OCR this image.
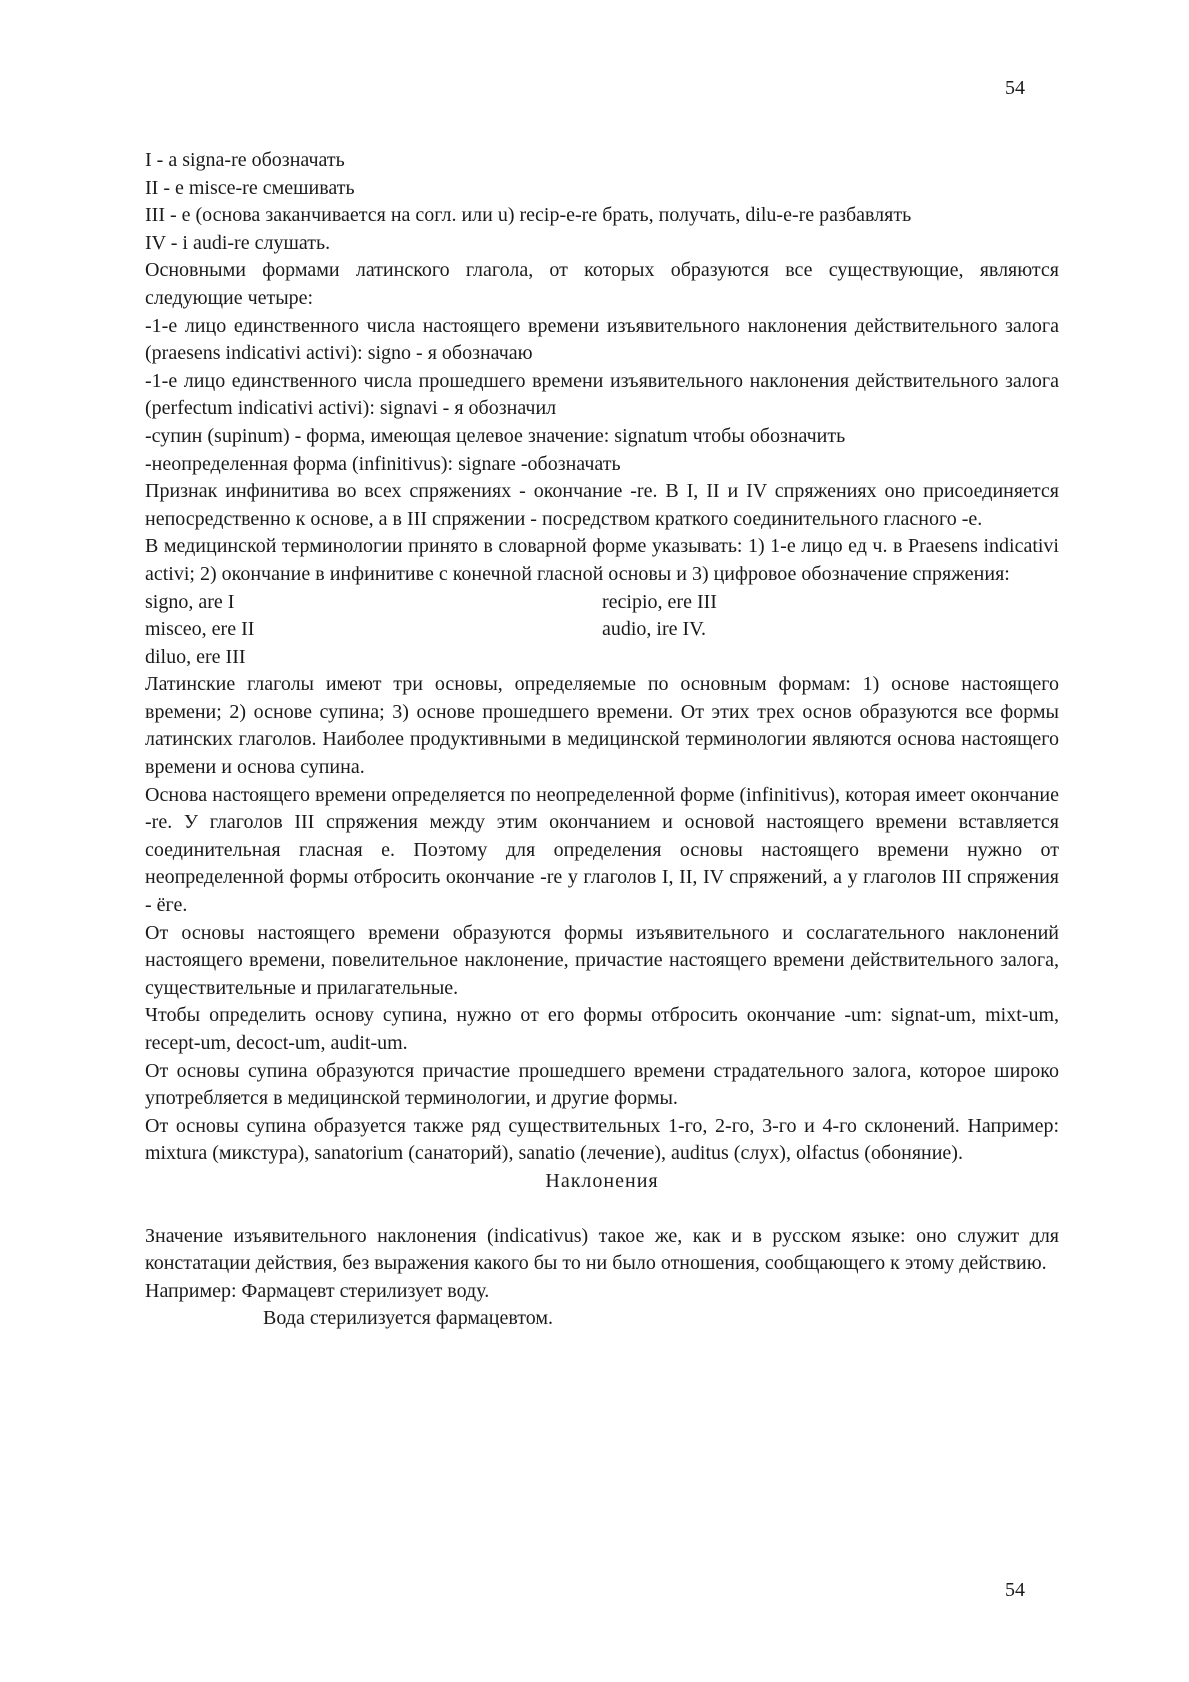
54
I - a signa-re обозначать
II - e misce-re смешивать

III - e (основа заканчивается на согл. или u) recip-e-re брать, получать, dilu-e-re разбавлять

IV - i audi-re слушать.

Основными формами латинского глагола, от которых образуются все существующие, являются следующие четыре:

-1-е лицо единственного числа настоящего времени изъявительного наклонения действительного залога (praesens indicativi activi): signo - я обозначаю

-1-е лицо единственного числа прошедшего времени изъявительного наклонения действительного залога (perfectum indicativi activi): signavi - я обозначил

-супин (supinum) - форма, имеющая целевое значение: signatum чтобы обозначить
-неопределенная форма (infinitivus): signare -обозначать

Признак инфинитива во всех спряжениях - окончание -re. В I, II и IV спряжениях оно присоединяется непосредственно к основе, а в III спряжении - посредством краткого соединительного гласного -е.

В медицинской терминологии принято в словарной форме указывать: 1) 1-е лицо ед ч. в Praesens indicativi activi; 2) окончание в инфинитиве с конечной гласной основы и 3) цифровое обозначение спряжения:

signo, are I
misceo, ere II
diluo, ere III
recipio, ere III
audio, ire IV.

Латинские глаголы имеют три основы, определяемые по основным формам: 1) основе настоящего времени; 2) основе супина; 3) основе прошедшего времени. От этих трех основ образуются все формы латинских глаголов. Наиболее продуктивными в медицинской терминологии являются основа настоящего времени и основа супина.

Основа настоящего времени определяется по неопределенной форме (infinitivus), которая имеет окончание -re. У глаголов III спряжения между этим окончанием и основой настоящего времени вставляется соединительная гласная е. Поэтому для определения основы настоящего времени нужно от неопределенной формы отбросить окончание -re у глаголов I, II, IV спряжений, а у глаголов III спряжения - ёге.

От основы настоящего времени образуются формы изъявительного и сослагательного наклонений настоящего времени, повелительное наклонение, причастие настоящего времени действительного залога, существительные и прилагательные.

Чтобы определить основу супина, нужно от его формы отбросить окончание -um: signat-um, mixt-um, recept-um, decoct-um, audit-um.

От основы супина образуются причастие прошедшего времени страдательного залога, которое широко употребляется в медицинской терминологии, и другие формы.

От основы супина образуется также ряд существительных 1-го, 2-го, 3-го и 4-го склонений. Например: mixtura (микстура), sanatorium (санаторий), sanatio (лечение), auditus (слух), olfactus (обоняние).

Наклонения

Значение изъявительного наклонения (indicativus) такое же, как и в русском языке: оно служит для констатации действия, без выражения какого бы то ни было отношения, сообщающего к этому действию.

Например: Фармацевт стерилизует воду.
Вода стерилизуется фармацевтом.
54
